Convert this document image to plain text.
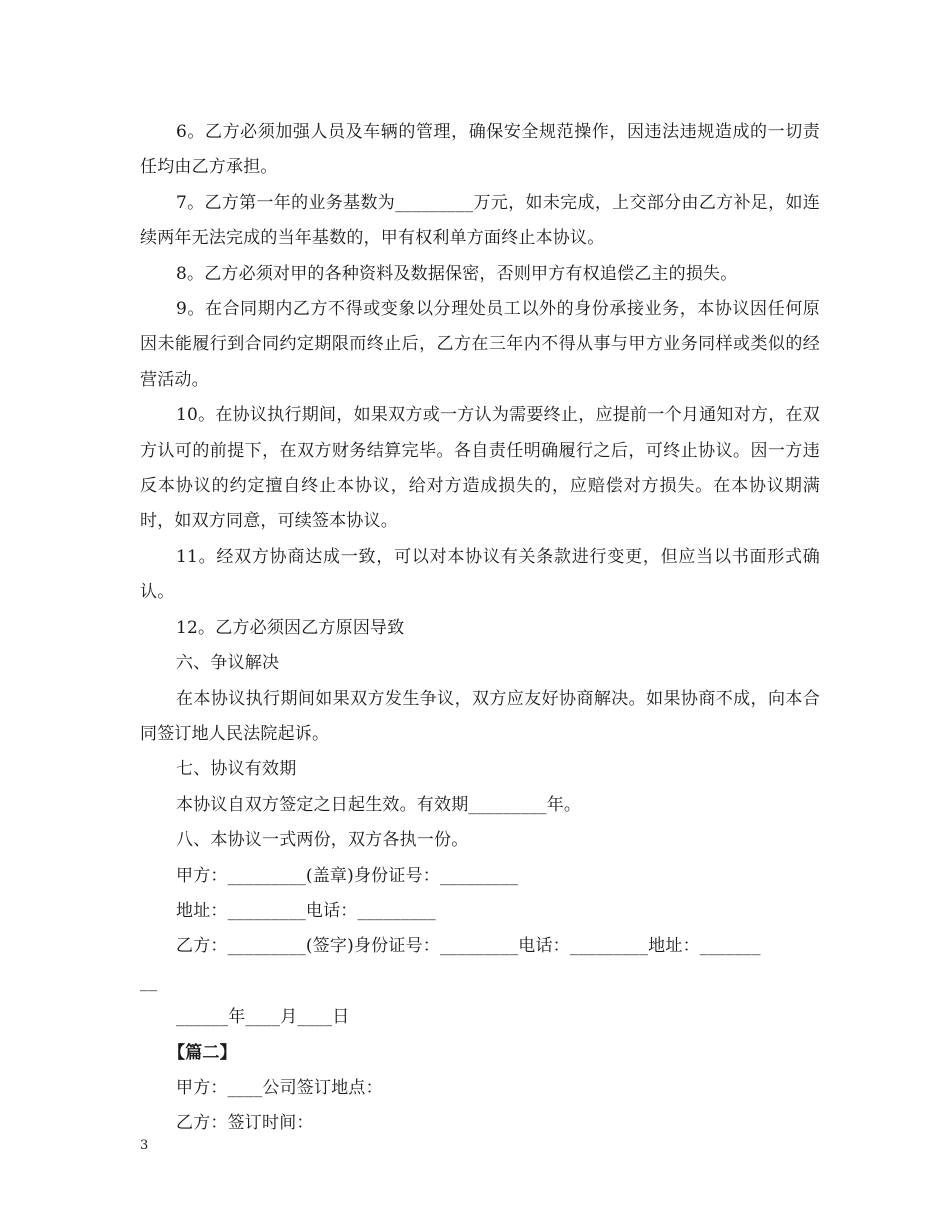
6。乙方必须加强人员及车辆的管理，确保安全规范操作，因违法违规造成的一切责任均由乙方承担。

7。乙方第一年的业务基数为_________万元，如未完成，上交部分由乙方补足，如连续两年无法完成的当年基数的，甲有权利单方面终止本协议。

8。乙方必须对甲的各种资料及数据保密，否则甲方有权追偿乙主的损失。

9。在合同期内乙方不得或变象以分理处员工以外的身份承接业务，本协议因任何原因未能履行到合同约定期限而终止后，乙方在三年内不得从事与甲方业务同样或类似的经营活动。

10。在协议执行期间，如果双方或一方认为需要终止，应提前一个月通知对方，在双方认可的前提下，在双方财务结算完毕。各自责任明确履行之后，可终止协议。因一方违反本协议的约定擅自终止本协议，给对方造成损失的，应赔偿对方损失。在本协议期满时，如双方同意，可续签本协议。

11。经双方协商达成一致，可以对本协议有关条款进行变更，但应当以书面形式确认。

12。乙方必须因乙方原因导致

六、争议解决

在本协议执行期间如果双方发生争议，双方应友好协商解决。如果协商不成，向本合同签订地人民法院起诉。

七、协议有效期

本协议自双方签定之日起生效。有效期_________年。

八、本协议一式两份，双方各执一份。

甲方：_________(盖章)身份证号：_________

地址：_________电话：_________

乙方：_________(签字)身份证号：_________电话：_________地址：_______

__

______年____月____日

【篇二】

甲方：____公司签订地点：

乙方：签订时间：

3
